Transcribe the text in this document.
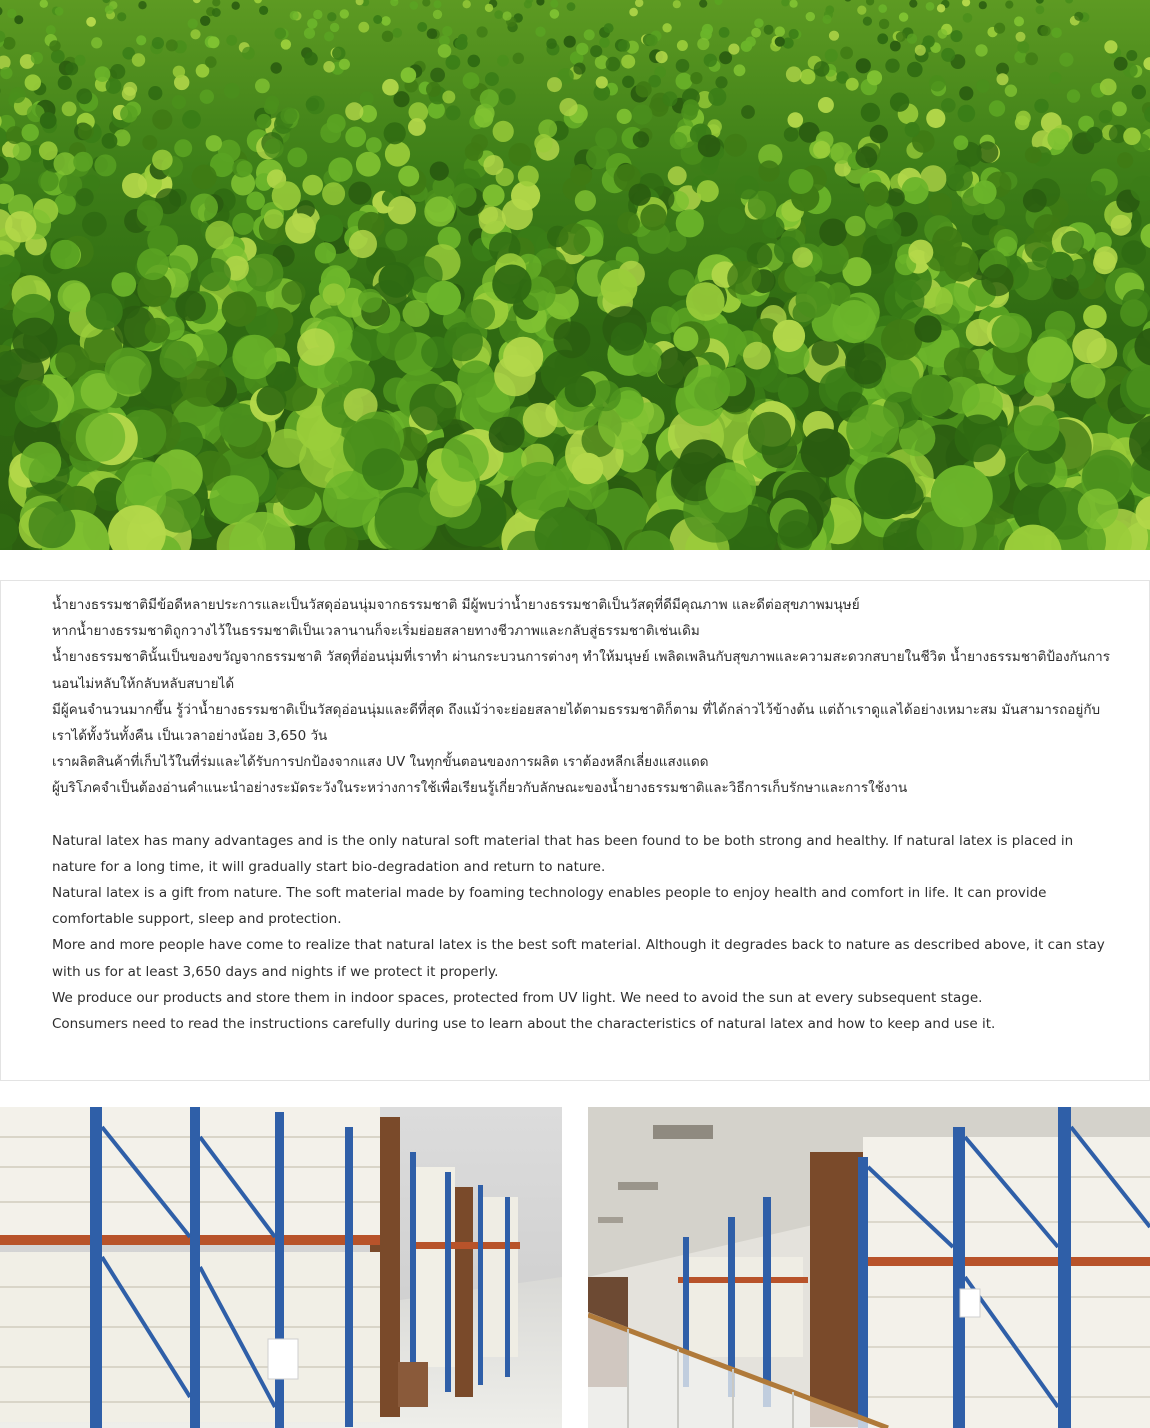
น้ำยางธรรมชาติมีข้อดีหลายประการและเป็นวัสดุอ่อนนุ่มจากธรรมชาติ มีผู้พบว่าน้ำยางธรรมชาติเป็นวัสดุที่ดีมีคุณภาพ และดีต่อสุขภาพมนุษย์

หากน้ำยางธรรมชาติถูกวางไว้ในธรรมชาติเป็นเวลานานก็จะเริ่มย่อยสลายทางชีวภาพและกลับสู่ธรรมชาติเช่นเดิม

น้ำยางธรรมชาตินั้นเป็นของขวัญจากธรรมชาติ วัสดุที่อ่อนนุ่มที่เราทำ ผ่านกระบวนการต่างๆ ทำให้มนุษย์ เพลิดเพลินกับสุขภาพและความสะดวกสบายในชีวิต น้ำยางธรรมชาติป้องกันการนอนไม่หลับให้กลับหลับสบายได้

มีผู้คนจำนวนมากขึ้น รู้ว่าน้ำยางธรรมชาติเป็นวัสดุอ่อนนุ่มและดีที่สุด ถึงแม้ว่าจะย่อยสลายได้ตามธรรมชาติก็ตาม ที่ได้กล่าวไว้ข้างต้น แต่ถ้าเราดูแลได้อย่างเหมาะสม มันสามารถอยู่กับเราได้ทั้งวันทั้งคืน เป็นเวลาอย่างน้อย 3,650 วัน

เราผลิตสินค้าที่เก็บไว้ในที่ร่มและได้รับการปกป้องจากแสง UV ในทุกขั้นตอนของการผลิต เราต้องหลีกเลี่ยงแสงแดด

ผู้บริโภคจำเป็นต้องอ่านคำแนะนำอย่างระมัดระวังในระหว่างการใช้เพื่อเรียนรู้เกี่ยวกับลักษณะของน้ำยางธรรมชาติและวิธีการเก็บรักษาและการใช้งาน

Natural latex has many advantages and is the only natural soft material that has been found to be both strong and healthy. If natural latex is placed in nature for a long time, it will gradually start bio-degradation and return to nature.

Natural latex is a gift from nature. The soft material made by foaming technology enables people to enjoy health and comfort in life. It can provide comfortable support, sleep and protection.

More and more people have come to realize that natural latex is the best soft material. Although it degrades back to nature as described above, it can stay with us for at least 3,650 days and nights if we protect it properly.

We produce our products and store them in indoor spaces, protected from UV light. We need to avoid the sun at every subsequent stage.

Consumers need to read the instructions carefully during use to learn about the characteristics of natural latex and how to keep and use it.
